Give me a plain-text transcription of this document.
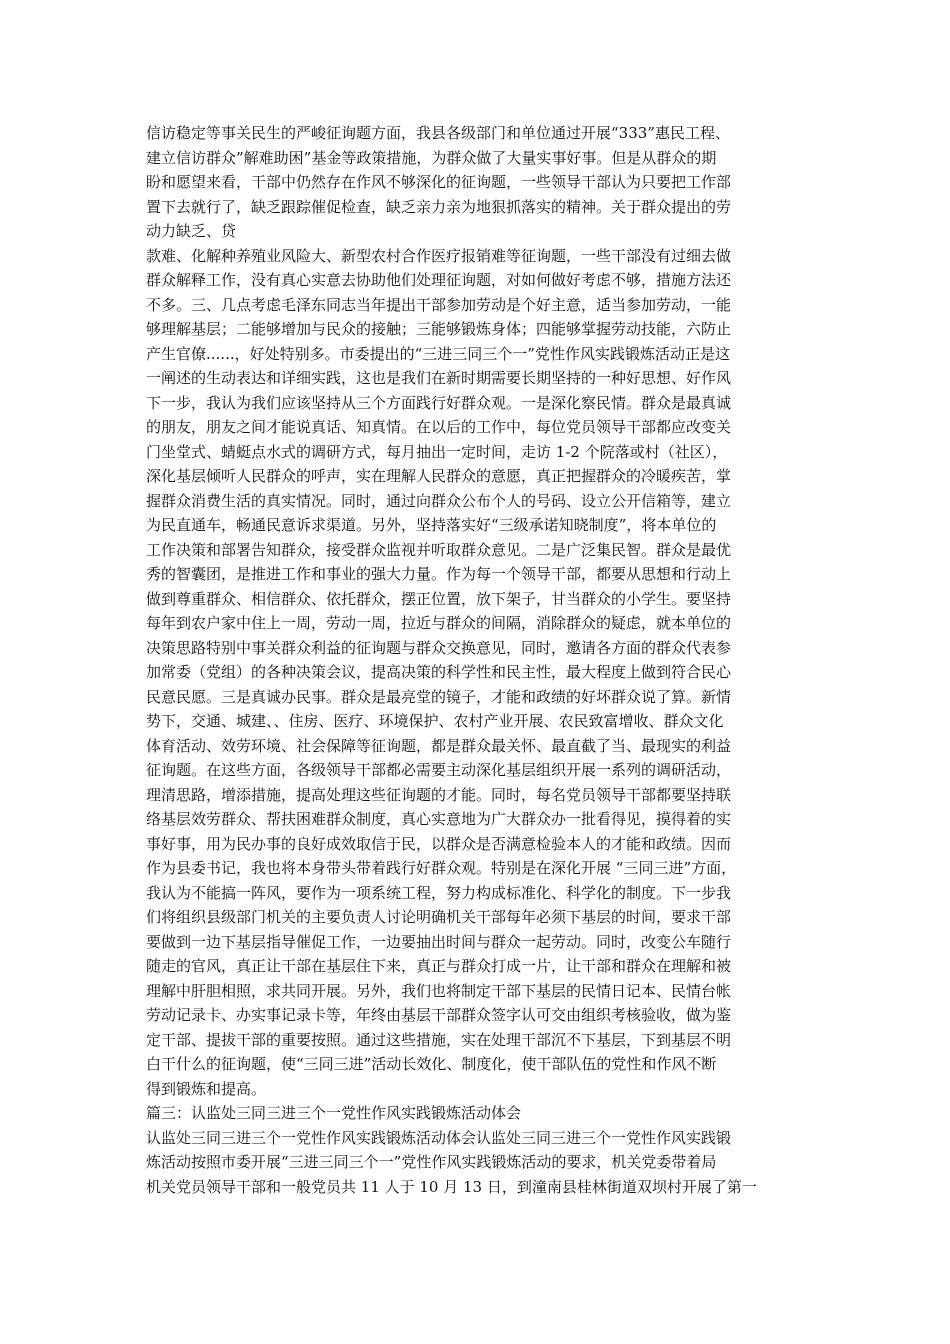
信访稳定等事关民生的严峻征询题方面，我县各级部门和单位通过开展“333”惠民工程、
建立信访群众”解难助困”基金等政策措施，为群众做了大量实事好事。但是从群众的期
盼和愿望来看，干部中仍然存在作风不够深化的征询题，一些领导干部认为只要把工作部
置下去就行了，缺乏跟踪催促检查，缺乏亲力亲为地狠抓落实的精神。关于群众提出的劳
动力缺乏、贷
款难、化解种养殖业风险大、新型农村合作医疗报销难等征询题，一些干部没有过细去做
群众解释工作，没有真心实意去协助他们处理征询题，对如何做好考虑不够，措施方法还
不多。三、几点考虑毛泽东同志当年提出干部参加劳动是个好主意，适当参加劳动，一能
够理解基层；二能够增加与民众的接触；三能够锻炼身体；四能够掌握劳动技能，六防止
产生官僚......，好处特别多。市委提出的“三进三同三个一”党性作风实践锻炼活动正是这
一阐述的生动表达和详细实践，这也是我们在新时期需要长期坚持的一种好思想、好作风
下一步，我认为我们应该坚持从三个方面践行好群众观。一是深化察民情。群众是最真诚
的朋友，朋友之间才能说真话、知真情。在以后的工作中，每位党员领导干部都应改变关
门坐堂式、蜻蜓点水式的调研方式，每月抽出一定时间，走访 1-2 个院落或村（社区），
深化基层倾听人民群众的呼声，实在理解人民群众的意愿，真正把握群众的冷暖疾苦，掌
握群众消费生活的真实情况。同时，通过向群众公布个人的号码、设立公开信箱等，建立
为民直通车，畅通民意诉求渠道。另外，坚持落实好“三级承诺知晓制度”，将本单位的
工作决策和部署告知群众，接受群众监视并听取群众意见。二是广泛集民智。群众是最优
秀的智囊团，是推进工作和事业的强大力量。作为每一个领导干部，都要从思想和行动上
做到尊重群众、相信群众、依托群众，摆正位置，放下架子，甘当群众的小学生。要坚持
每年到农户家中住上一周，劳动一周，拉近与群众的间隔，消除群众的疑虑，就本单位的
决策思路特别中事关群众利益的征询题与群众交换意见，同时，邀请各方面的群众代表参
加常委（党组）的各种决策会议，提高决策的科学性和民主性，最大程度上做到符合民心
民意民愿。三是真诚办民事。群众是最亮堂的镜子，才能和政绩的好坏群众说了算。新情
势下，交通、城建、、住房、医疗、环境保护、农村产业开展、农民致富增收、群众文化
体育活动、效劳环境、社会保障等征询题，都是群众最关怀、最直截了当、最现实的利益
征询题。在这些方面，各级领导干部都必需要主动深化基层组织开展一系列的调研活动，
理清思路，增添措施，提高处理这些征询题的才能。同时，每名党员领导干部都要坚持联
络基层效劳群众、帮扶困难群众制度，真心实意地为广大群众办一批看得见，摸得着的实
事好事，用为民办事的良好成效取信于民，以群众是否满意检验本人的才能和政绩。因而
作为县委书记，我也将本身带头带着践行好群众观。特别是在深化开展 “三同三进”方面，
我认为不能搞一阵风，要作为一项系统工程，努力构成标准化、科学化的制度。下一步我
们将组织县级部门机关的主要负责人讨论明确机关干部每年必须下基层的时间，要求干部
要做到一边下基层指导催促工作，一边要抽出时间与群众一起劳动。同时，改变公车随行
随走的官风，真正让干部在基层住下来，真正与群众打成一片，让干部和群众在理解和被
理解中肝胆相照，求共同开展。另外，我们也将制定干部下基层的民情日记本、民情台帐
劳动记录卡、办实事记录卡等，年终由基层干部群众签字认可交由组织考核验收，做为鉴
定干部、提拔干部的重要按照。通过这些措施，实在处理干部沉不下基层，下到基层不明
白干什么的征询题，使“三同三进”活动长效化、制度化，使干部队伍的党性和作风不断
得到锻炼和提高。
篇三：认监处三同三进三个一党性作风实践锻炼活动体会
认监处三同三进三个一党性作风实践锻炼活动体会认监处三同三进三个一党性作风实践锻
炼活动按照市委开展“三进三同三个一”党性作风实践锻炼活动的要求，机关党委带着局
机关党员领导干部和一般党员共 11 人于 10 月 13 日，到潼南县桂林街道双坝村开展了第一
